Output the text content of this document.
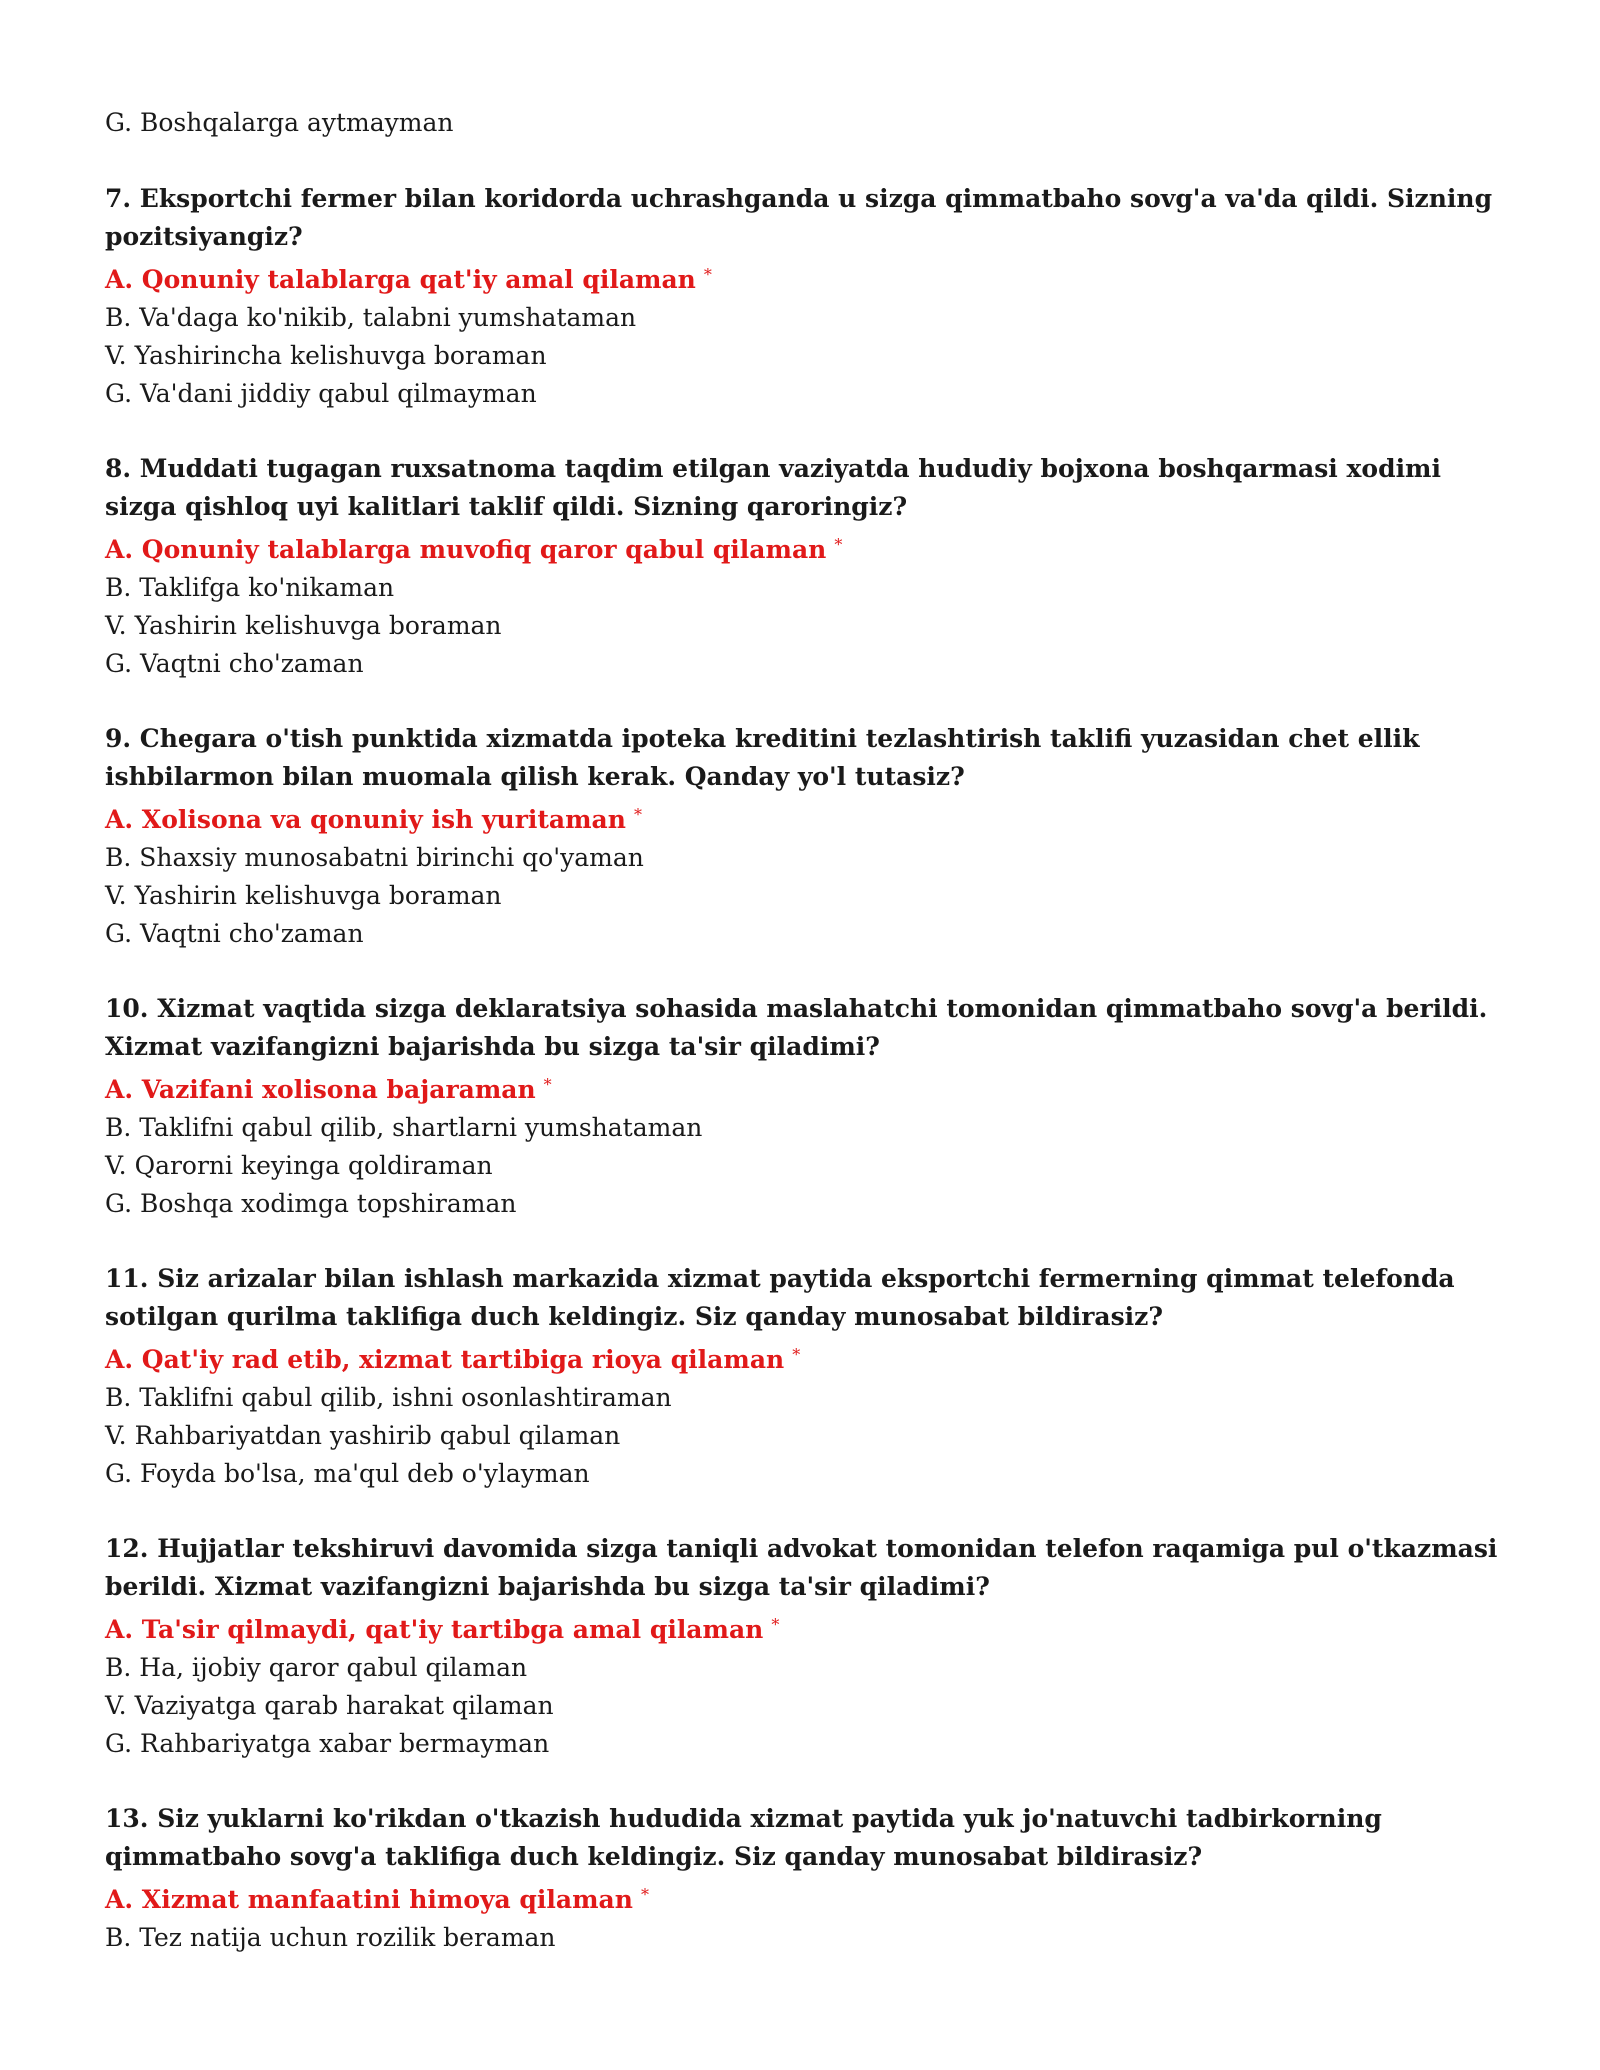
G. Boshqalarga aytmayman

7. Eksportchi fermer bilan koridorda uchrashganda u sizga qimmatbaho sovg'a va'da qildi. Sizning pozitsiyangiz?

A. Qonuniy talablarga qat'iy amal qilaman *
B. Va'daga ko'nikib, talabni yumshataman
V. Yashirincha kelishuvga boraman
G. Va'dani jiddiy qabul qilmayman

8. Muddati tugagan ruxsatnoma taqdim etilgan vaziyatda hududiy bojxona boshqarmasi xodimi sizga qishloq uyi kalitlari taklif qildi. Sizning qaroringiz?

A. Qonuniy talablarga muvofiq qaror qabul qilaman *
B. Taklifga ko'nikaman
V. Yashirin kelishuvga boraman
G. Vaqtni cho'zaman

9. Chegara o'tish punktida xizmatda ipoteka kreditini tezlashtirish taklifi yuzasidan chet ellik ishbilarmon bilan muomala qilish kerak. Qanday yo'l tutasiz?

A. Xolisona va qonuniy ish yuritaman *
B. Shaxsiy munosabatni birinchi qo'yaman
V. Yashirin kelishuvga boraman
G. Vaqtni cho'zaman

10. Xizmat vaqtida sizga deklaratsiya sohasida maslahatchi tomonidan qimmatbaho sovg'a berildi. Xizmat vazifangizni bajarishda bu sizga ta'sir qiladimi?

A. Vazifani xolisona bajaraman *
B. Taklifni qabul qilib, shartlarni yumshataman
V. Qarorni keyinga qoldiraman
G. Boshqa xodimga topshiraman

11. Siz arizalar bilan ishlash markazida xizmat paytida eksportchi fermerning qimmat telefonda sotilgan qurilma taklifiga duch keldingiz. Siz qanday munosabat bildirasiz?

A. Qat'iy rad etib, xizmat tartibiga rioya qilaman *
B. Taklifni qabul qilib, ishni osonlashtiraman
V. Rahbariyatdan yashirib qabul qilaman
G. Foyda bo'lsa, ma'qul deb o'ylayman

12. Hujjatlar tekshiruvi davomida sizga taniqli advokat tomonidan telefon raqamiga pul o'tkazmasi berildi. Xizmat vazifangizni bajarishda bu sizga ta'sir qiladimi?

A. Ta'sir qilmaydi, qat'iy tartibga amal qilaman *
B. Ha, ijobiy qaror qabul qilaman
V. Vaziyatga qarab harakat qilaman
G. Rahbariyatga xabar bermayman

13. Siz yuklarni ko'rikdan o'tkazish hududida xizmat paytida yuk jo'natuvchi tadbirkorning qimmatbaho sovg'a taklifiga duch keldingiz. Siz qanday munosabat bildirasiz?

A. Xizmat manfaatini himoya qilaman *
B. Tez natija uchun rozilik beraman
